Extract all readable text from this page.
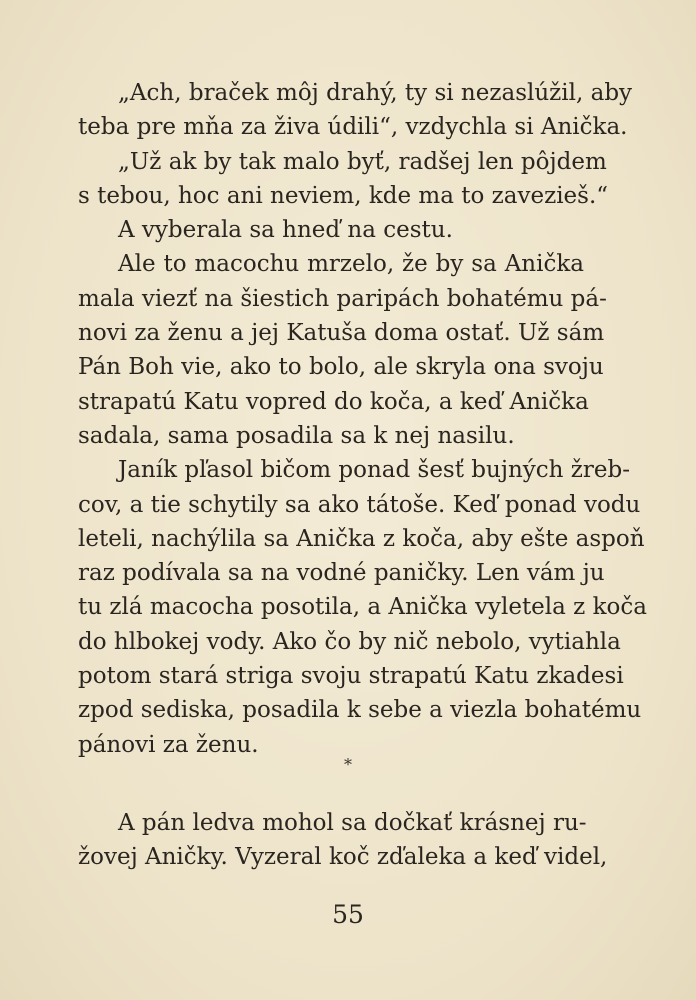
„Ach, braček môj drahý, ty si nezaslúžil, aby
teba pre mňa za živa údili“, vzdychla si Anička.
„Už ak by tak malo byť, radšej len pôjdem
s tebou, hoc ani neviem, kde ma to zavezieš.“
A vyberala sa hneď na cestu.
Ale to macochu mrzelo, že by sa Anička
mala viezť na šiestich paripách bohatému pá-
novi za ženu a jej Katuša doma ostať. Už sám
Pán Boh vie, ako to bolo, ale skryla ona svoju
strapatú Katu vopred do koča, a keď Anička
sadala, sama posadila sa k nej nasilu.
Janík pľasol bičom ponad šesť bujných žreb-
cov, a tie schytily sa ako tátoše. Keď ponad vodu
leteli, nachýlila sa Anička z koča, aby ešte aspoň
raz podívala sa na vodné paničky. Len vám ju
tu zlá macocha posotila, a Anička vyletela z koča
do hlbokej vody. Ako čo by nič nebolo, vytiahla
potom stará striga svoju strapatú Katu zkadesi
zpod sediska, posadila k sebe a viezla bohatému
pánovi za ženu.
*
A pán ledva mohol sa dočkať krásnej ru-
žovej Aničky. Vyzeral koč zďaleka a keď videl,
55
